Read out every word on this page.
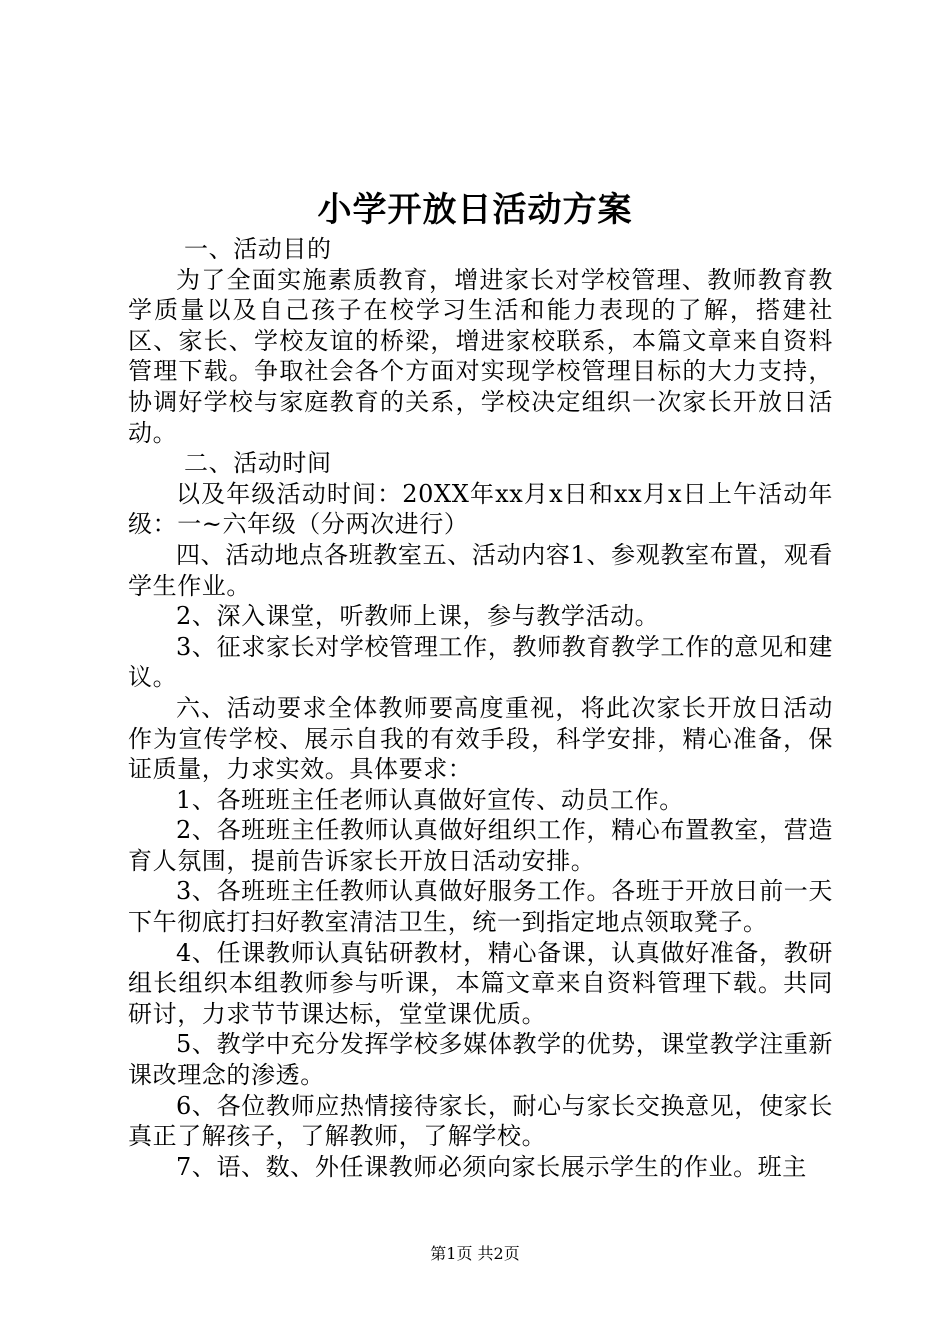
小学开放日活动方案

一、活动目的

为了全面实施素质教育，增进家长对学校管理、教师教育教学质量以及自己孩子在校学习生活和能力表现的了解，搭建社区、家长、学校友谊的桥梁，增进家校联系，本篇文章来自资料管理下载。争取社会各个方面对实现学校管理目标的大力支持，协调好学校与家庭教育的关系，学校决定组织一次家长开放日活动。

二、活动时间

以及年级活动时间：20XX年xx月x日和xx月x日上午活动年级：一~六年级（分两次进行）

四、活动地点各班教室五、活动内容1、参观教室布置，观看学生作业。

2、深入课堂，听教师上课，参与教学活动。

3、征求家长对学校管理工作，教师教育教学工作的意见和建议。

六、活动要求全体教师要高度重视，将此次家长开放日活动作为宣传学校、展示自我的有效手段，科学安排，精心准备，保证质量，力求实效。具体要求：

1、各班班主任老师认真做好宣传、动员工作。

2、各班班主任教师认真做好组织工作，精心布置教室，营造育人氛围，提前告诉家长开放日活动安排。

3、各班班主任教师认真做好服务工作。各班于开放日前一天下午彻底打扫好教室清洁卫生，统一到指定地点领取凳子。

4、任课教师认真钻研教材，精心备课，认真做好准备，教研组长组织本组教师参与听课，本篇文章来自资料管理下载。共同研讨，力求节节课达标，堂堂课优质。

5、教学中充分发挥学校多媒体教学的优势，课堂教学注重新课改理念的渗透。

6、各位教师应热情接待家长，耐心与家长交换意见，使家长真正了解孩子，了解教师，了解学校。

7、语、数、外任课教师必须向家长展示学生的作业。班主

第1页 共2页
